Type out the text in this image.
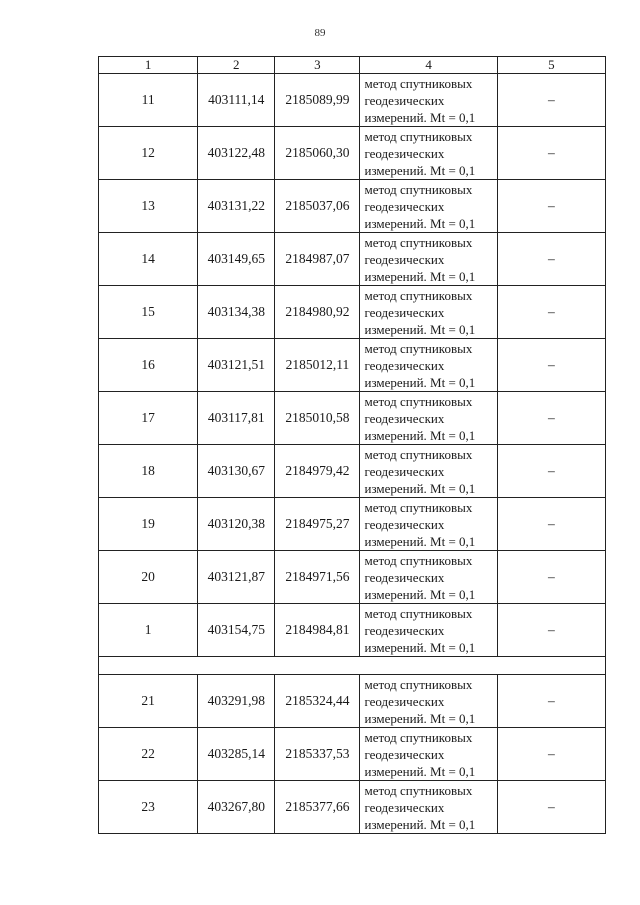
89
1	2	3	4	5
11	403111,14	2185089,99	метод спутниковых
геодезических
измерений. Mt = 0,1	–
12	403122,48	2185060,30	метод спутниковых
геодезических
измерений. Mt = 0,1	–
13	403131,22	2185037,06	метод спутниковых
геодезических
измерений. Mt = 0,1	–
14	403149,65	2184987,07	метод спутниковых
геодезических
измерений. Mt = 0,1	–
15	403134,38	2184980,92	метод спутниковых
геодезических
измерений. Mt = 0,1	–
16	403121,51	2185012,11	метод спутниковых
геодезических
измерений. Mt = 0,1	–
17	403117,81	2185010,58	метод спутниковых
геодезических
измерений. Mt = 0,1	–
18	403130,67	2184979,42	метод спутниковых
геодезических
измерений. Mt = 0,1	–
19	403120,38	2184975,27	метод спутниковых
геодезических
измерений. Mt = 0,1	–
20	403121,87	2184971,56	метод спутниковых
геодезических
измерений. Mt = 0,1	–
1	403154,75	2184984,81	метод спутниковых
геодезических
измерений. Mt = 0,1	–

21	403291,98	2185324,44	метод спутниковых
геодезических
измерений. Mt = 0,1	–
22	403285,14	2185337,53	метод спутниковых
геодезических
измерений. Mt = 0,1	–
23	403267,80	2185377,66	метод спутниковых
геодезических
измерений. Mt = 0,1	–
